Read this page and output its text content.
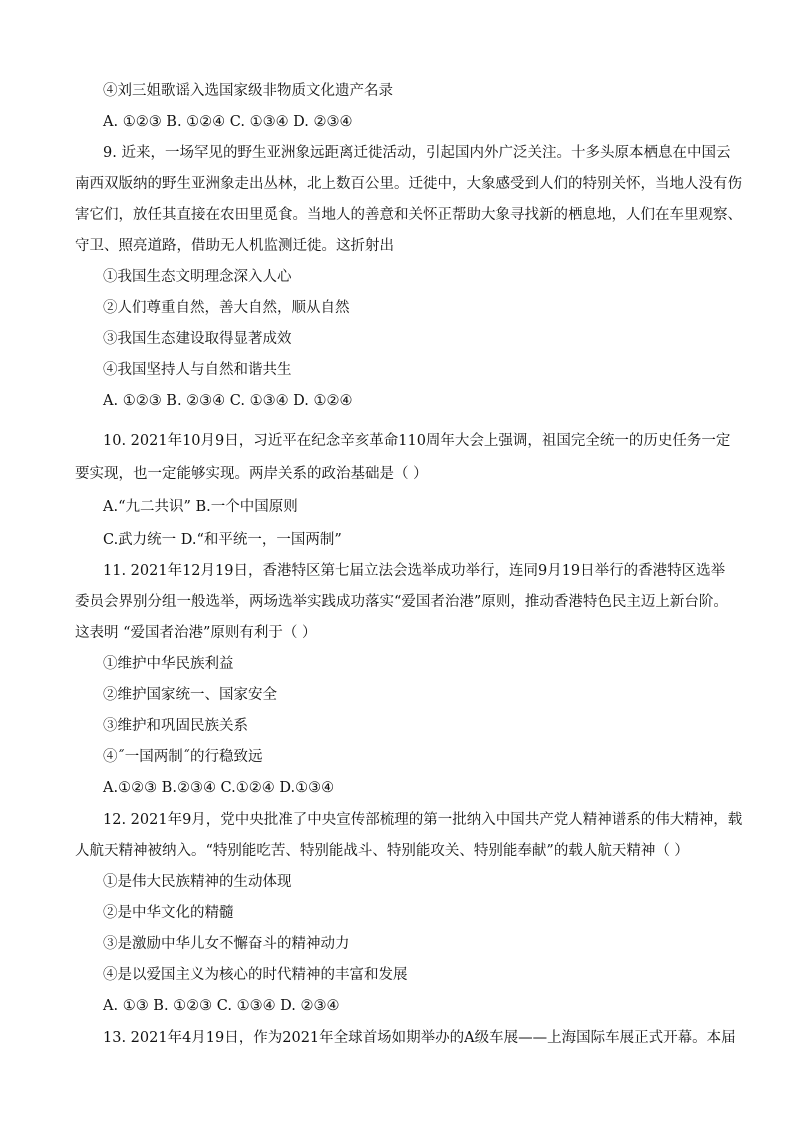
④刘三姐歌谣入选国家级非物质文化遗产名录
A. ①②③ B. ①②④ C. ①③④ D. ②③④
9. 近来，一场罕见的野生亚洲象远距离迁徙活动，引起国内外广泛关注。十多头原本栖息在中国云
南西双版纳的野生亚洲象走出丛林，北上数百公里。迁徙中，大象感受到人们的特别关怀，当地人没有伤
害它们，放任其直接在农田里觅食。当地人的善意和关怀正帮助大象寻找新的栖息地，人们在车里观察、
守卫、照亮道路，借助无人机监测迁徙。这折射出
①我国生态文明理念深入人心
②人们尊重自然，善大自然，顺从自然
③我国生态建设取得显著成效
④我国坚持人与自然和谐共生
A. ①②③ B. ②③④ C. ①③④ D. ①②④
10. 2021年10月9日，习近平在纪念辛亥革命110周年大会上强调，祖国完全统一的历史任务一定
要实现，也一定能够实现。两岸关系的政治基础是（ ）
A.“九二共识” B.一个中国原则
C.武力统一 D.“和平统一，一国两制”
11. 2021年12月19日，香港特区第七届立法会选举成功举行，连同9月19日举行的香港特区选举
委员会界别分组一般选举，两场选举实践成功落实“爱国者治港”原则，推动香港特色民主迈上新台阶。
这表明 “爱国者治港”原则有利于（ ）
①维护中华民族利益
②维护国家统一、国家安全
③维护和巩固民族关系
④˝一国两制˝的行稳致远
A.①②③ B.②③④ C.①②④ D.①③④
12. 2021年9月，党中央批准了中央宣传部梳理的第一批纳入中国共产党人精神谱系的伟大精神，载
人航天精神被纳入。“特别能吃苦、特别能战斗、特别能攻关、特别能奉献”的载人航天精神（ ）
①是伟大民族精神的生动体现
②是中华文化的精髓
③是激励中华儿女不懈奋斗的精神动力
④是以爱国主义为核心的时代精神的丰富和发展
A. ①③ B. ①②③ C. ①③④ D. ②③④
13. 2021年4月19日，作为2021年全球首场如期举办的A级车展——上海国际车展正式开幕。本届
